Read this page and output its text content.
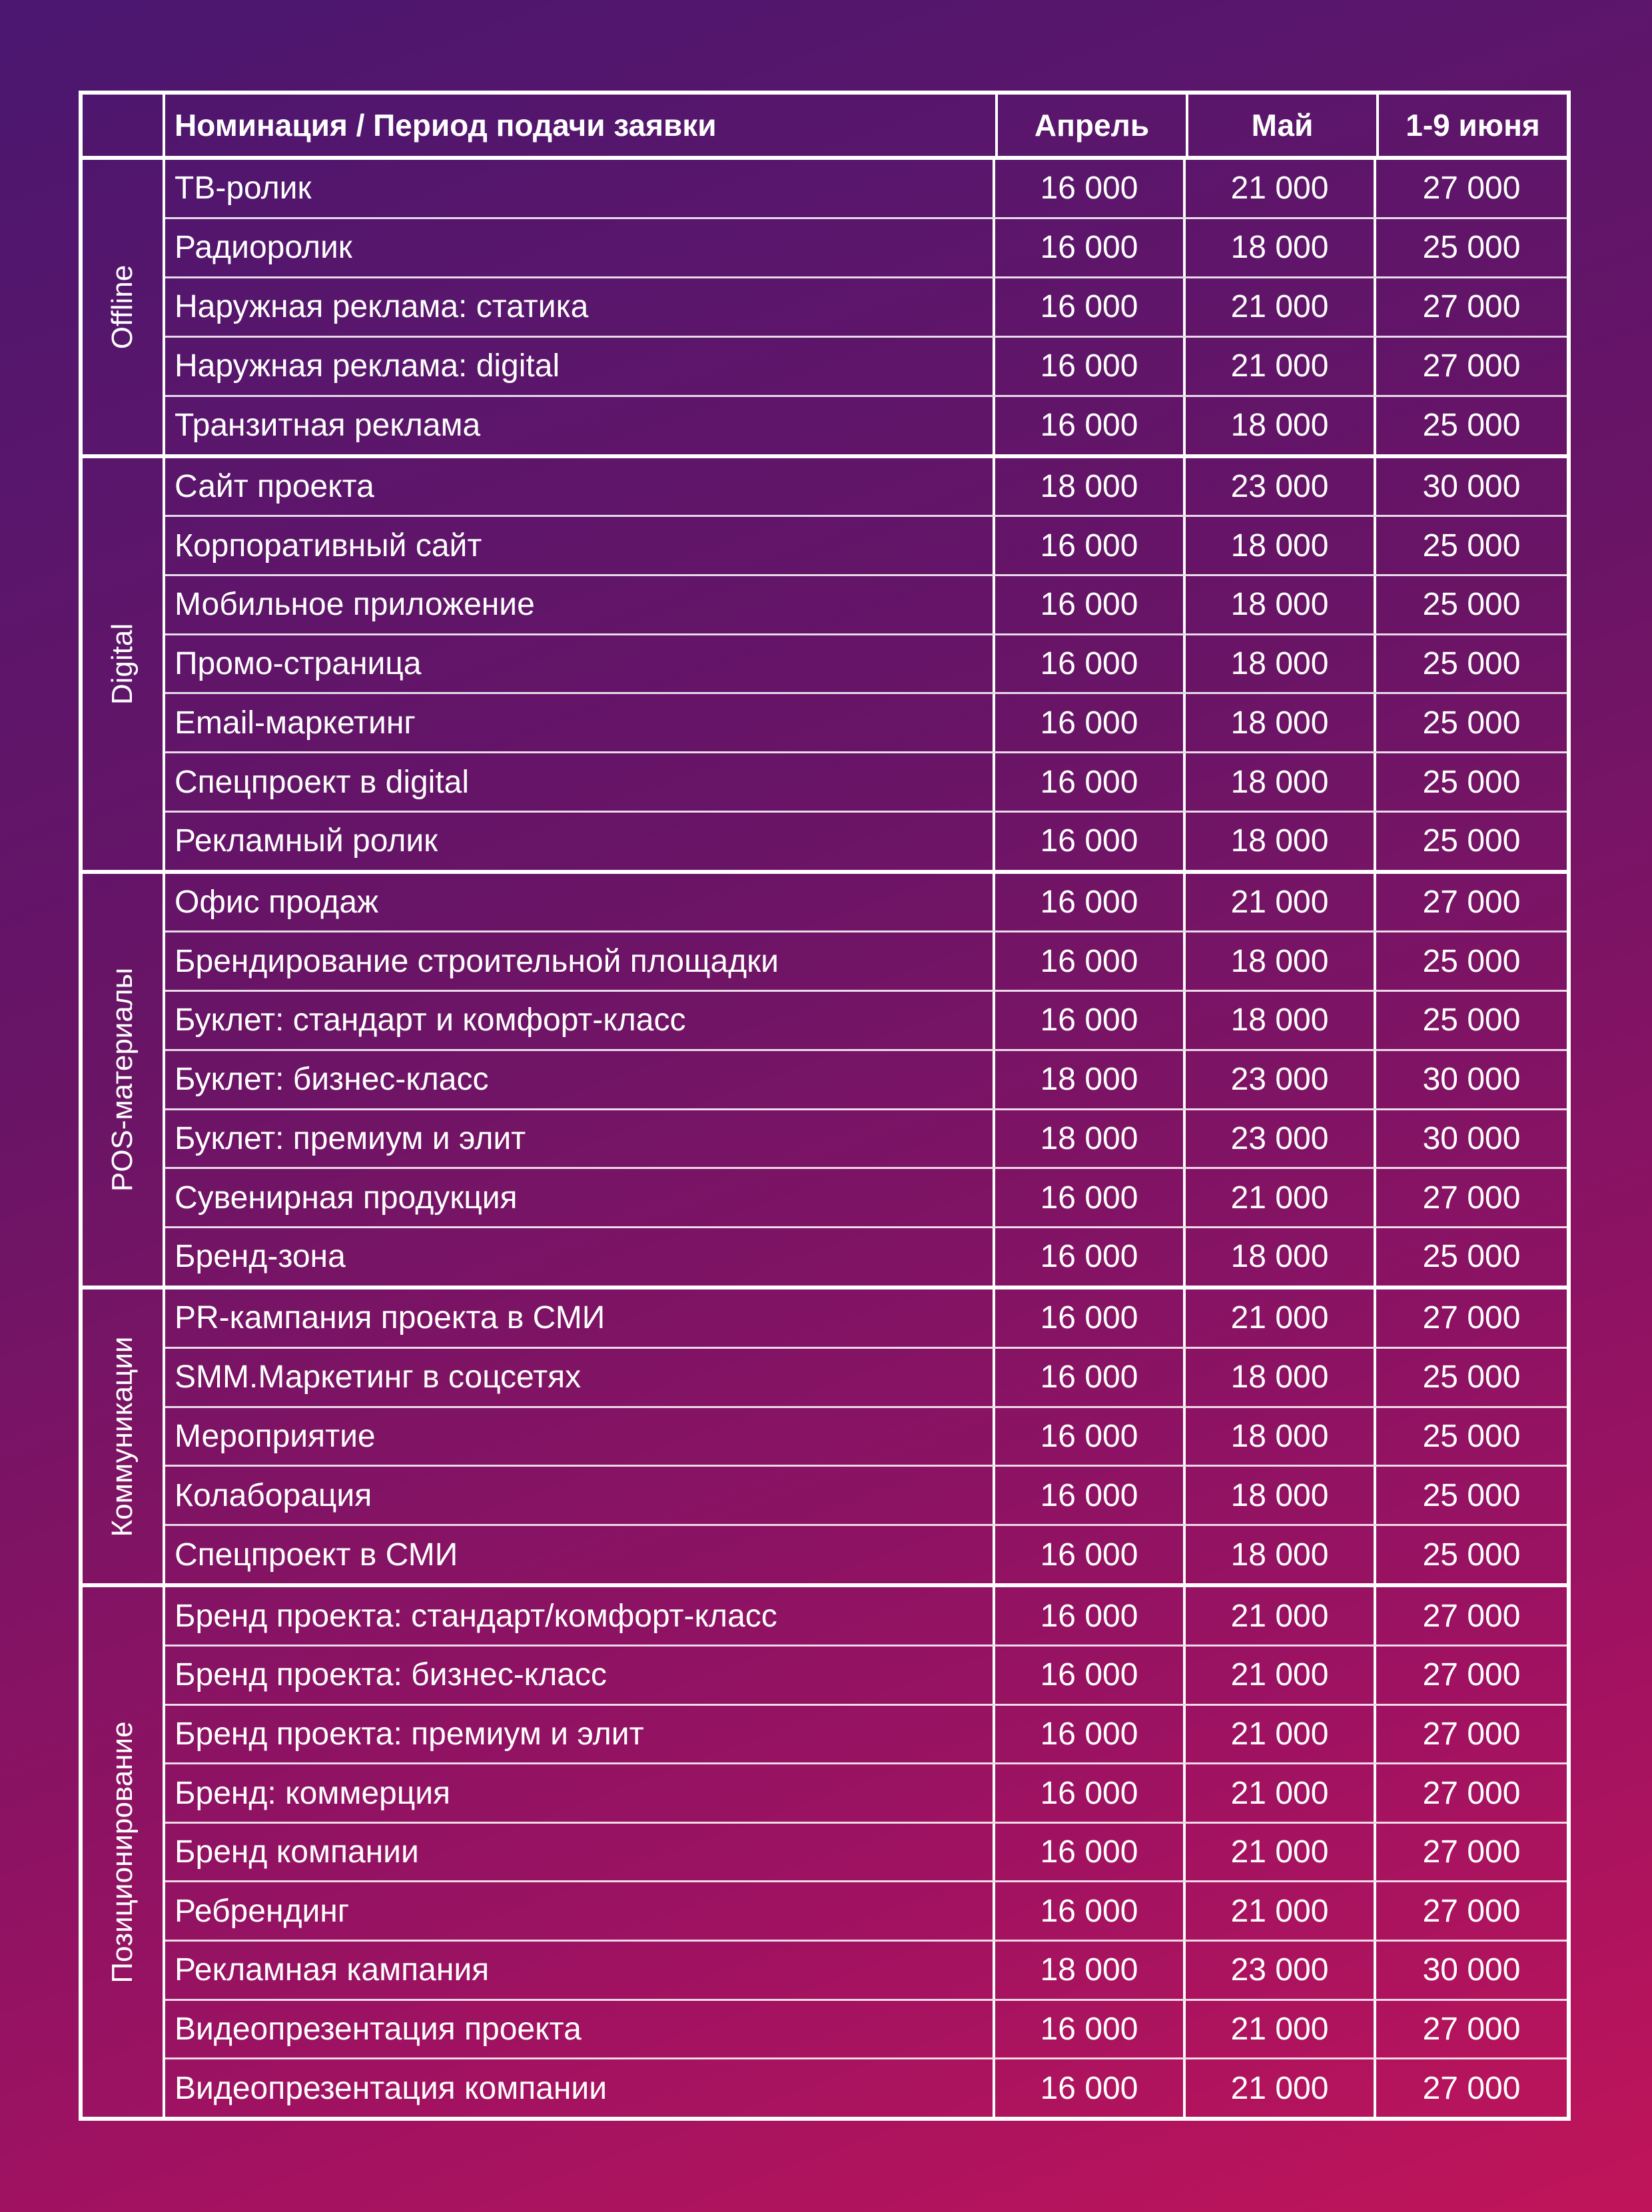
Номинация / Период подачи заявки	Апрель	Май	1-9 июня
Offline
ТВ-ролик	16 000	21 000	27 000
Радиоролик	16 000	18 000	25 000
Наружная реклама: статика	16 000	21 000	27 000
Наружная реклама: digital	16 000	21 000	27 000
Транзитная реклама	16 000	18 000	25 000
Digital
Сайт проекта	18 000	23 000	30 000
Корпоративный сайт	16 000	18 000	25 000
Мобильное приложение	16 000	18 000	25 000
Промо-страница	16 000	18 000	25 000
Email-маркетинг	16 000	18 000	25 000
Спецпроект в digital	16 000	18 000	25 000
Рекламный ролик	16 000	18 000	25 000
POS-материалы
Офис продаж	16 000	21 000	27 000
Брендирование строительной площадки	16 000	18 000	25 000
Буклет: стандарт и комфорт-класс	16 000	18 000	25 000
Буклет: бизнес-класс	18 000	23 000	30 000
Буклет: премиум и элит	18 000	23 000	30 000
Сувенирная продукция	16 000	21 000	27 000
Бренд-зона	16 000	18 000	25 000
Коммуникации
PR-кампания проекта в СМИ	16 000	21 000	27 000
SMM.Маркетинг в соцсетях	16 000	18 000	25 000
Мероприятие	16 000	18 000	25 000
Колаборация	16 000	18 000	25 000
Спецпроект в СМИ	16 000	18 000	25 000
Позиционирование
Бренд проекта: стандарт/комфорт-класс	16 000	21 000	27 000
Бренд проекта: бизнес-класс	16 000	21 000	27 000
Бренд проекта: премиум и элит	16 000	21 000	27 000
Бренд: коммерция	16 000	21 000	27 000
Бренд компании	16 000	21 000	27 000
Ребрендинг	16 000	21 000	27 000
Рекламная кампания	18 000	23 000	30 000
Видеопрезентация проекта	16 000	21 000	27 000
Видеопрезентация компании	16 000	21 000	27 000
